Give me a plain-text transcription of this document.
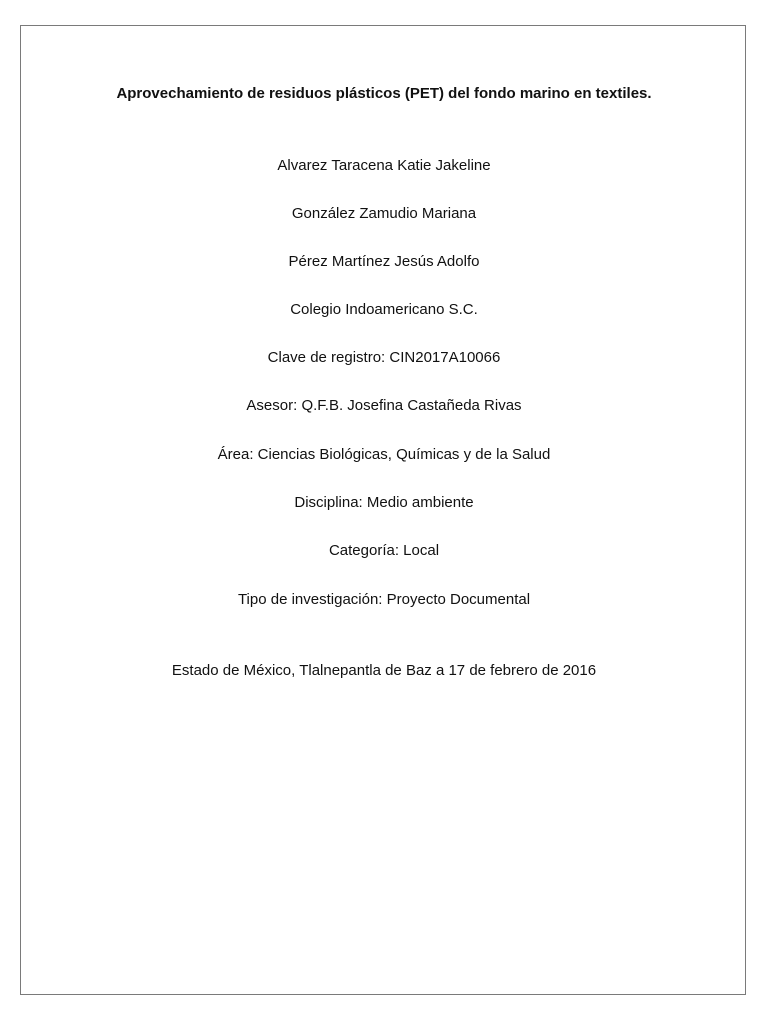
Aprovechamiento de residuos plásticos (PET) del fondo marino en textiles.
Alvarez Taracena Katie Jakeline
González Zamudio Mariana
Pérez Martínez Jesús Adolfo
Colegio Indoamericano S.C.
Clave de registro: CIN2017A10066
Asesor: Q.F.B. Josefina Castañeda Rivas
Área: Ciencias Biológicas, Químicas y de la Salud
Disciplina: Medio ambiente
Categoría: Local
Tipo de investigación: Proyecto Documental
Estado de México, Tlalnepantla de Baz a 17 de febrero de 2016
